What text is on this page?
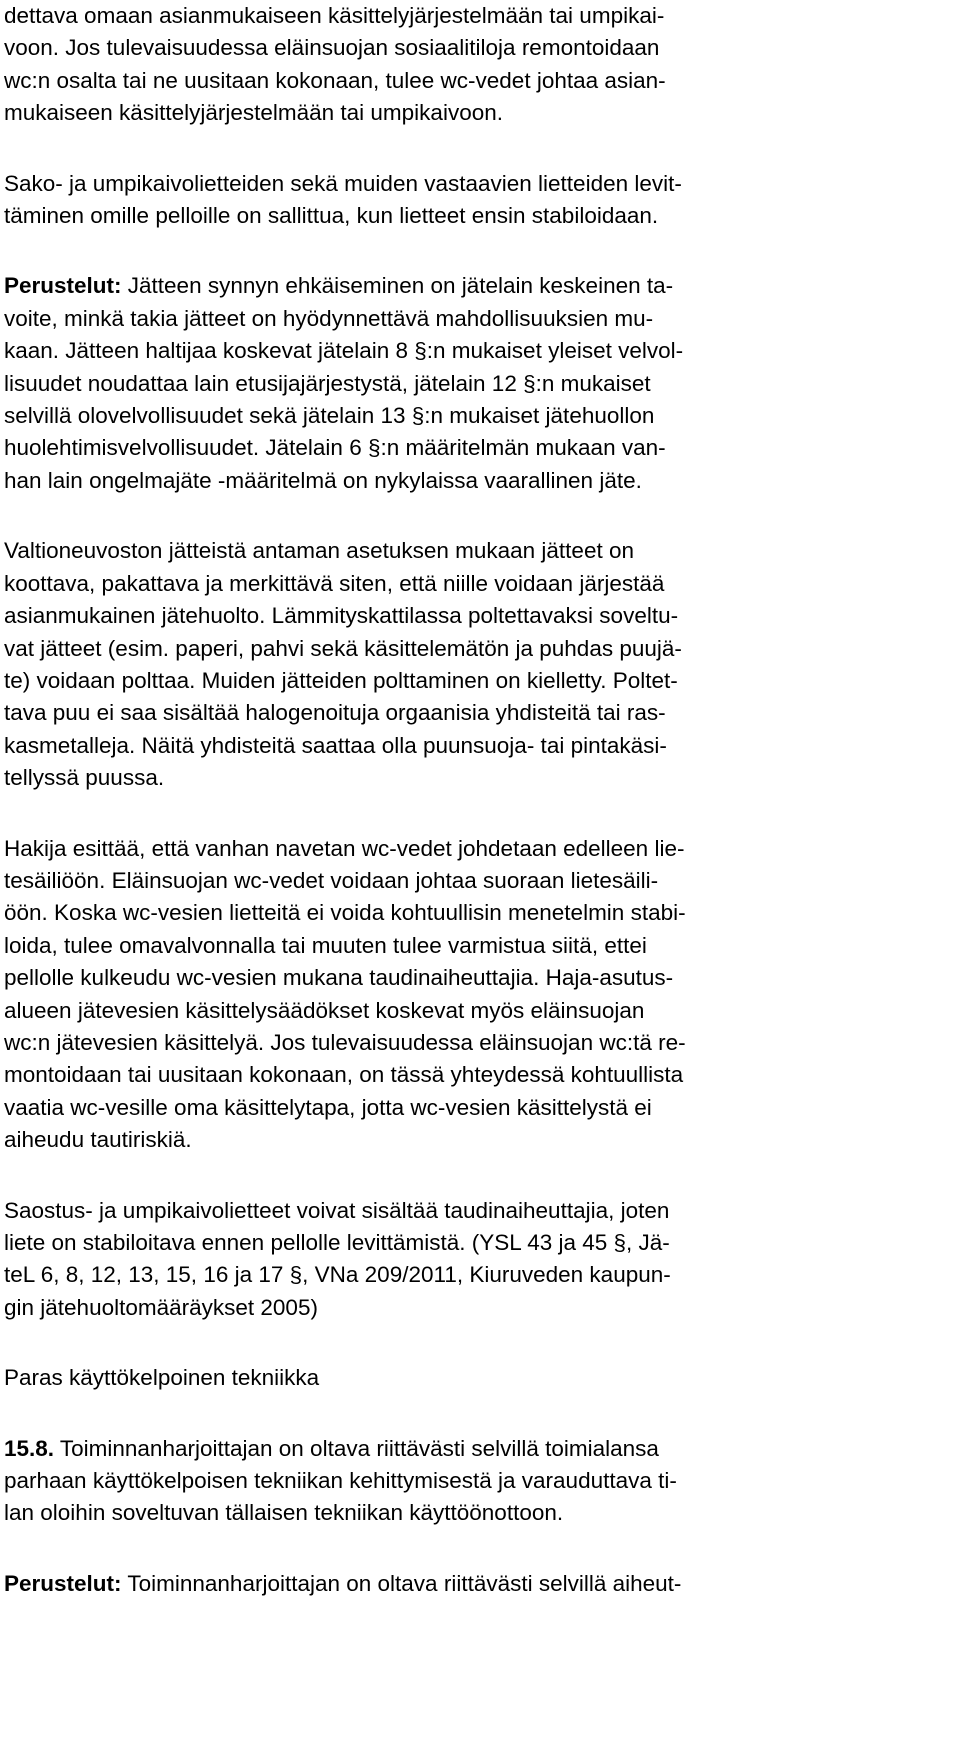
dettava omaan asianmukaiseen käsittelyjärjestelmään tai umpikai-
voon. Jos tulevaisuudessa eläinsuojan sosiaalitiloja remontoidaan
wc:n osalta tai ne uusitaan kokonaan, tulee wc-vedet johtaa asian-
mukaiseen käsittelyjärjestelmään tai umpikaivoon.

Sako- ja umpikaivolietteiden sekä muiden vastaavien lietteiden levit-
täminen omille pelloille on sallittua, kun lietteet ensin stabiloidaan.

Perustelut: Jätteen synnyn ehkäiseminen on jätelain keskeinen ta-
voite, minkä takia jätteet on hyödynnettävä mahdollisuuksien mu-
kaan. Jätteen haltijaa koskevat jätelain 8 §:n mukaiset yleiset velvol-
lisuudet noudattaa lain etusijajärjestystä, jätelain 12 §:n mukaiset
selvillä olovelvollisuudet sekä jätelain 13 §:n mukaiset jätehuollon
huolehtimisvelvollisuudet. Jätelain 6 §:n määritelmän mukaan van-
han lain ongelmajäte -määritelmä on nykylaissa vaarallinen jäte.

Valtioneuvoston jätteistä antaman asetuksen mukaan jätteet on
koottava, pakattava ja merkittävä siten, että niille voidaan järjestää
asianmukainen jätehuolto. Lämmityskattilassa poltettavaksi soveltu-
vat jätteet (esim. paperi, pahvi sekä käsittelemätön ja puhdas puujä-
te) voidaan polttaa. Muiden jätteiden polttaminen on kielletty. Poltet-
tava puu ei saa sisältää halogenoituja orgaanisia yhdisteitä tai ras-
kasmetalleja. Näitä yhdisteitä saattaa olla puunsuoja- tai pintakäsi-
tellyssä puussa.

Hakija esittää, että vanhan navetan wc-vedet johdetaan edelleen lie-
tesäiliöön. Eläinsuojan wc-vedet voidaan johtaa suoraan lietesäili-
öön. Koska wc-vesien lietteitä ei voida kohtuullisin menetelmin stabi-
loida, tulee omavalvonnalla tai muuten tulee varmistua siitä, ettei
pellolle kulkeudu wc-vesien mukana taudinaiheuttajia. Haja-asutus-
alueen jätevesien käsittelysäädökset koskevat myös eläinsuojan
wc:n jätevesien käsittelyä. Jos tulevaisuudessa eläinsuojan wc:tä re-
montoidaan tai uusitaan kokonaan, on tässä yhteydessä kohtuullista
vaatia wc-vesille oma käsittelytapa, jotta wc-vesien käsittelystä ei
aiheudu tautiriskiä.

Saostus- ja umpikaivolietteet voivat sisältää taudinaiheuttajia, joten
liete on stabiloitava ennen pellolle levittämistä. (YSL 43 ja 45 §, Jä-
teL 6, 8, 12, 13, 15, 16 ja 17 §, VNa 209/2011, Kiuruveden kaupun-
gin jätehuoltomääräykset 2005)

Paras käyttökelpoinen tekniikka

15.8. Toiminnanharjoittajan on oltava riittävästi selvillä toimialansa
parhaan käyttökelpoisen tekniikan kehittymisestä ja varauduttava ti-
lan oloihin soveltuvan tällaisen tekniikan käyttöönottoon.

Perustelut: Toiminnanharjoittajan on oltava riittävästi selvillä aiheut-
